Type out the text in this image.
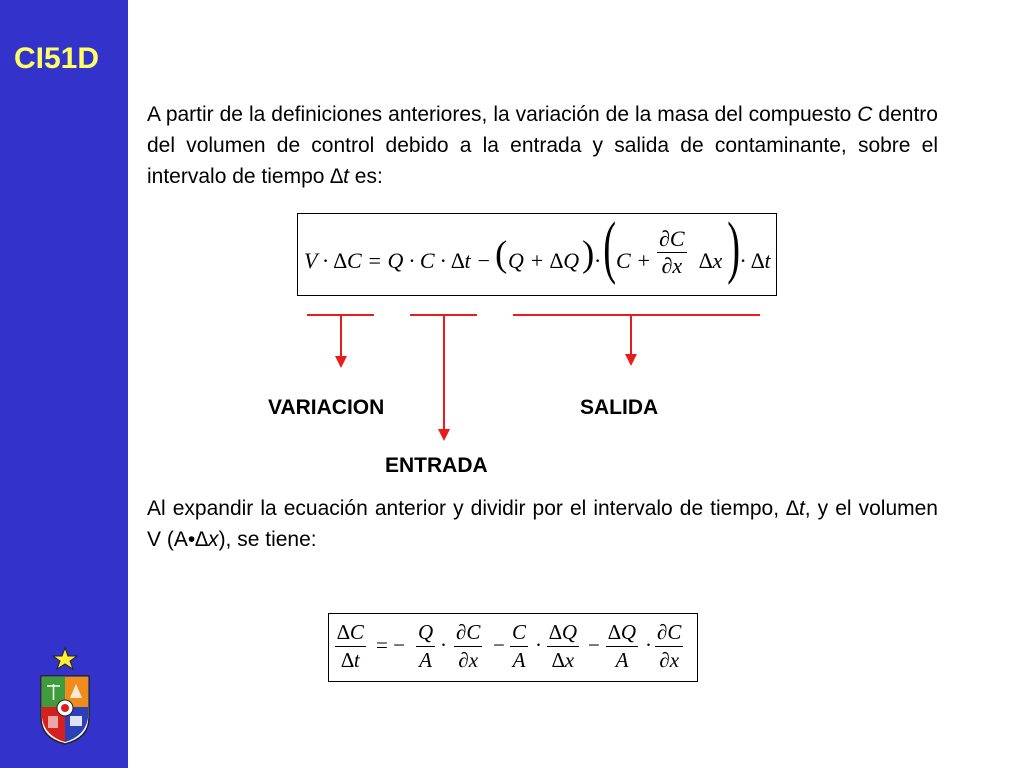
CI51D
A partir de la definiciones anteriores, la variación de la masa del compuesto C dentro del volumen de control debido a la entrada y salida de contaminante, sobre el intervalo de tiempo ∆t es:
V · ∆C = Q · C · ∆t − ( Q + ∆Q ) · ( $C + \frac{\partial C}{\partial x} \Delta x$ ) · ∆t
VARIACION
ENTRADA
SALIDA
Al expandir la ecuación anterior y dividir por el intervalo de tiempo, ∆t, y el volumen V (A•∆x), se tiene:
$\frac{\Delta C}{\Delta t}$ = − $\frac{Q}{A} \cdot \frac{\partial C}{\partial x} - \frac{C}{A} \cdot \frac{\Delta Q}{\Delta x} - \frac{\Delta Q}{A} \cdot \frac{\partial C}{\partial x}$
